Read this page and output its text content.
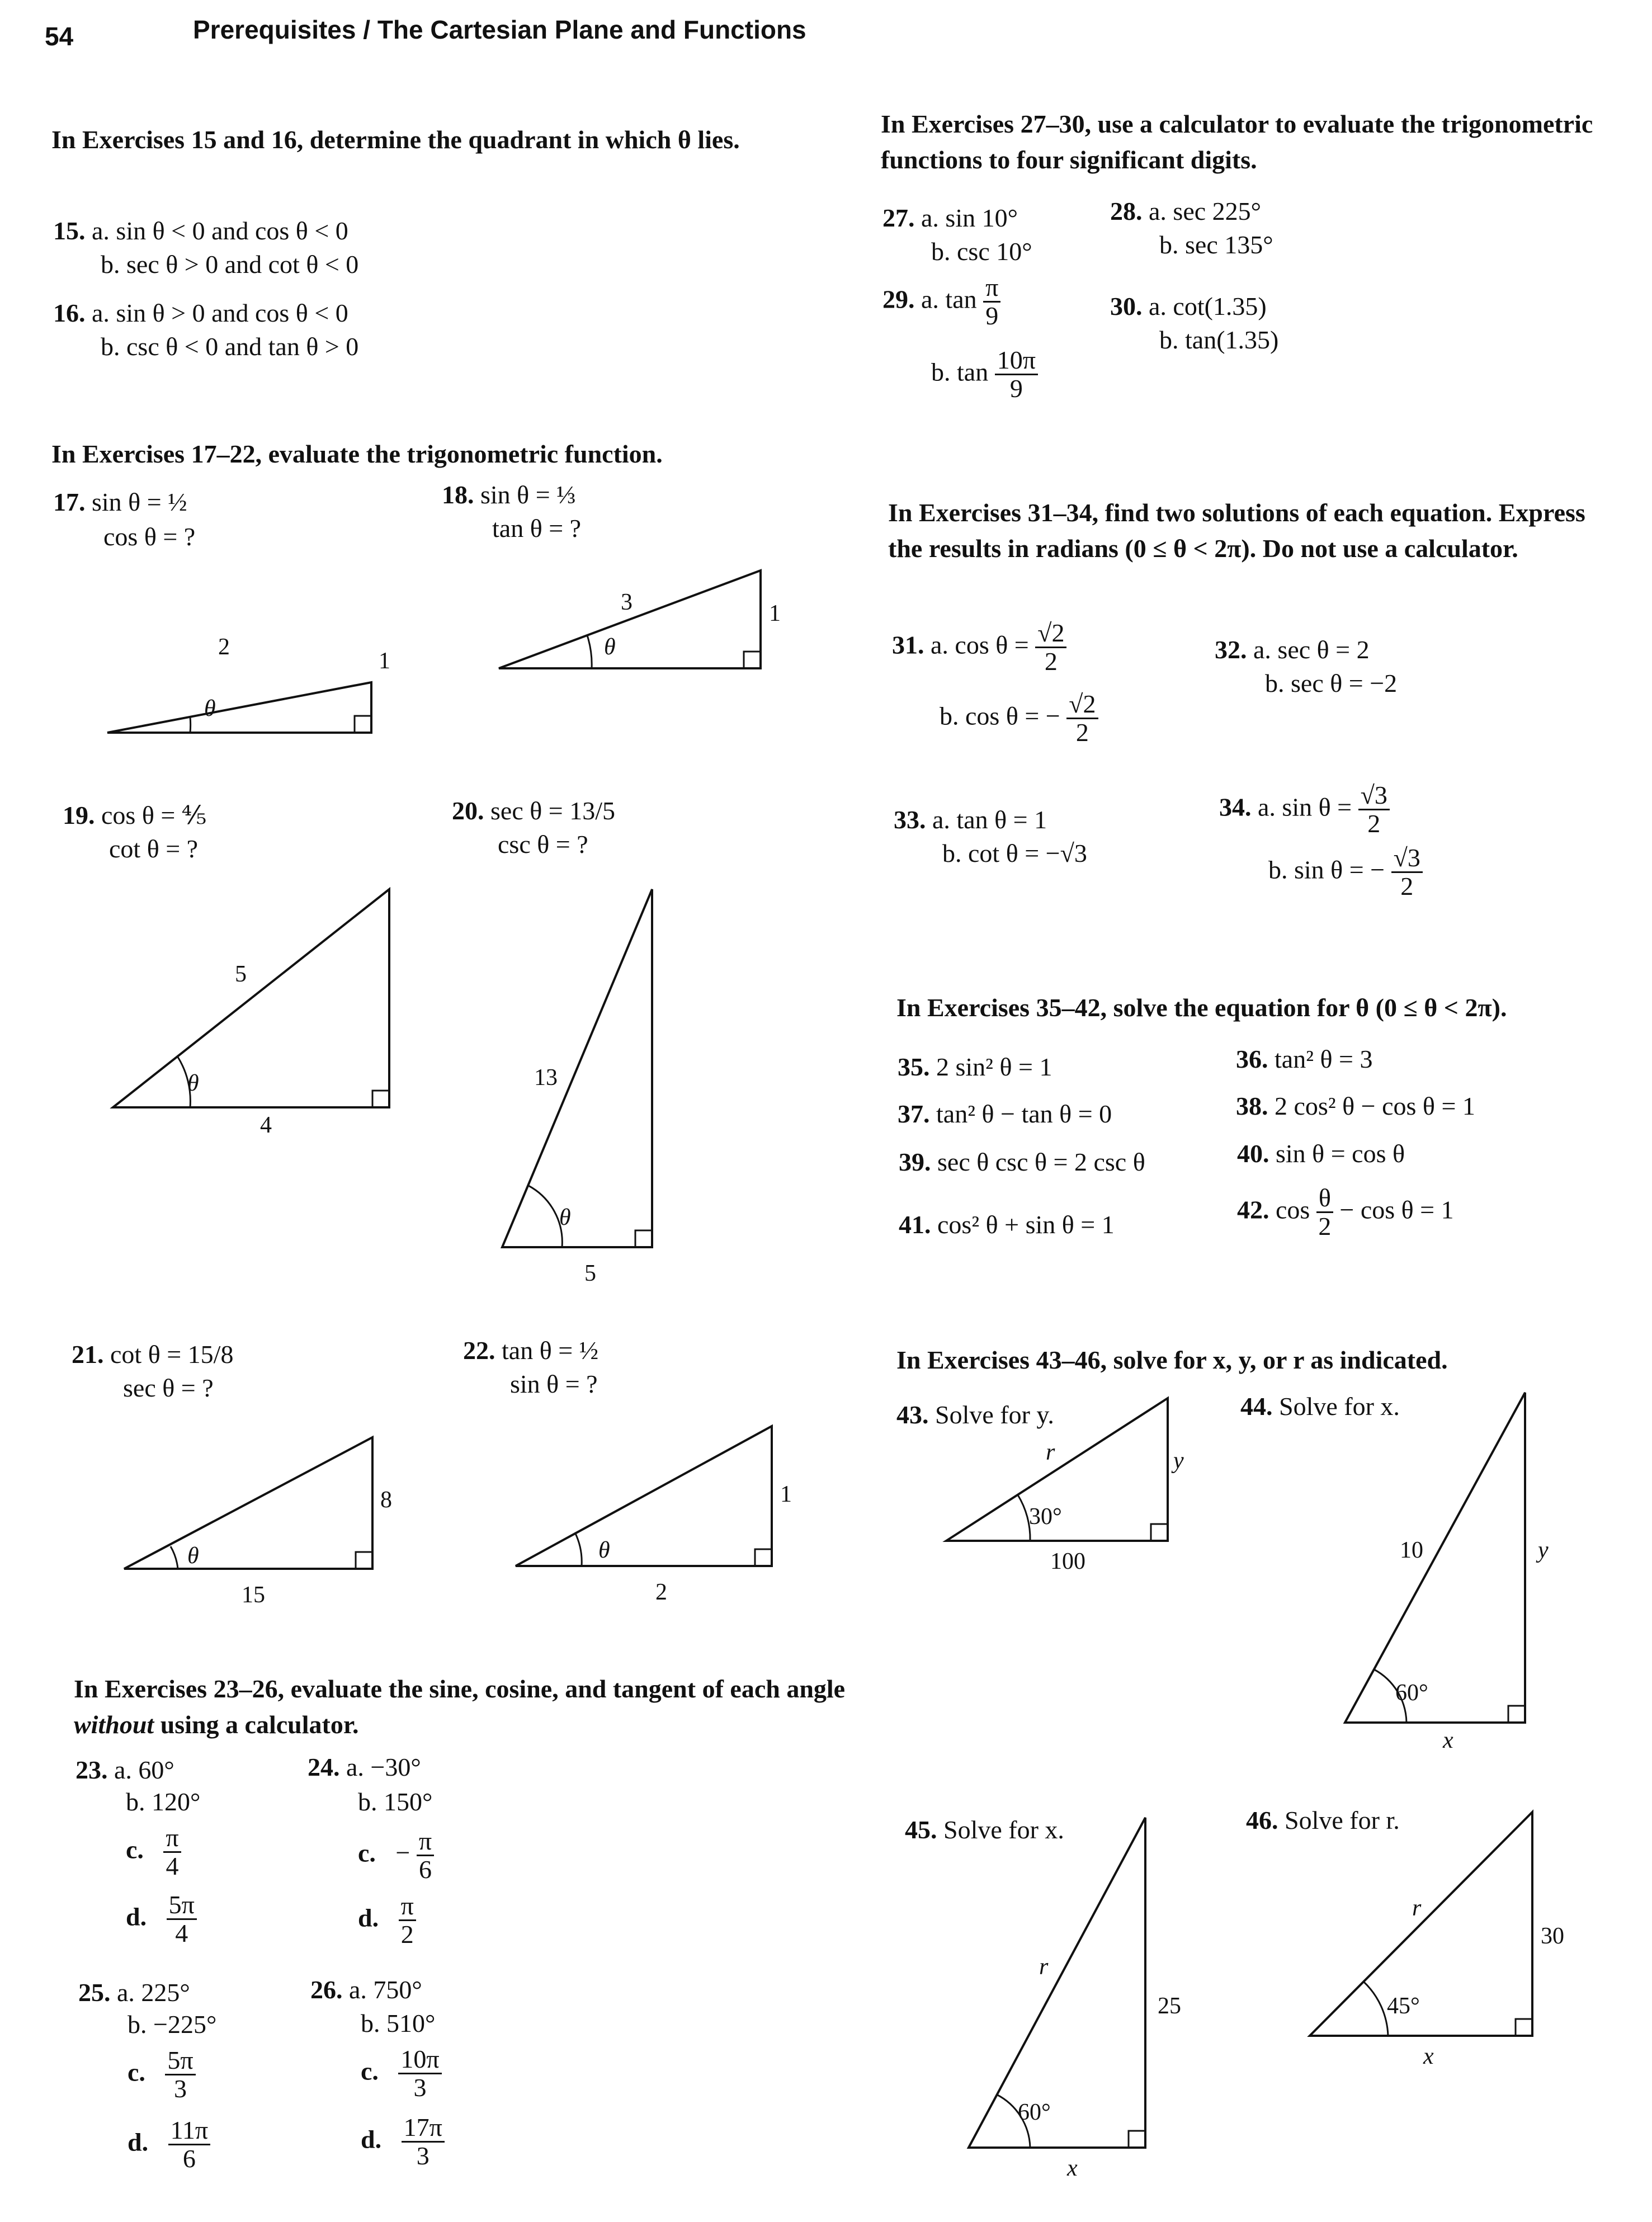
54	Prerequisites / The Cartesian Plane and Functions
In Exercises 15 and 16, determine the quadrant in which θ lies.
15. a. sin θ < 0 and cos θ < 0
b. sec θ > 0 and cot θ < 0
16. a. sin θ > 0 and cos θ < 0
b. csc θ < 0 and tan θ > 0
In Exercises 17–22, evaluate the trigonometric function.
17. sin θ = ½
cos θ = ?
2
1
θ
18. sin θ = ⅓
tan θ = ?
3	1
θ
19. cos θ = ⅘
cot θ = ?
5
4
θ
20. sec θ = 13/5
csc θ = ?
13
5
θ
21. cot θ = 15/8
sec θ = ?
8
15
θ
22. tan θ = ½
sin θ = ?
1
2
θ
In Exercises 23–26, evaluate the sine, cosine, and tangent of each angle without using a calculator.
23. a. 60°
b. 120°
c. $\frac{\pi}{4}$
d. $\frac{5\pi}{4}$
24. a. −30°
b. 150°
c. − $\frac{\pi}{6}$
d. $\frac{\pi}{2}$
25. a. 225°
b. −225°
c. $\frac{5\pi}{3}$
d. $\frac{11\pi}{6}$
26. a. 750°
b. 510°
c. $\frac{10\pi}{3}$
d. $\frac{17\pi}{3}$
In Exercises 27–30, use a calculator to evaluate the trigonometric functions to four significant digits.
27. a. sin 10°
b. csc 10°
28. a. sec 225°
b. sec 135°
29. a. $\tan \frac{\pi}{9}$
b. $\tan \frac{10\pi}{9}$
30. a. cot(1.35)
b. tan(1.35)
In Exercises 31–34, find two solutions of each equation. Express the results in radians (0 ≤ θ < 2π). Do not use a calculator.
31. a. $\cos \theta = \frac{√2}{2}$
b. cos θ = − $\frac{√2}{2}$
32. a. sec θ = 2
b. sec θ = −2
33. a. tan θ = 1
b. cot θ = −√3
34. a. $\sin \theta = \frac{√3}{2}$
b. sin θ = − $\frac{√3}{2}$
In Exercises 35–42, solve the equation for θ (0 ≤ θ < 2π).
35. 2 sin² θ = 1	36. tan² θ = 3
37. tan² θ − tan θ = 0	38. 2 cos² θ − cos θ = 1
39. sec θ csc θ = 2 csc θ	40. sin θ = cos θ
41. cos² θ + sin θ = 1
42. $\cos \frac{\theta}{2} - \cos \theta = 1$
In Exercises 43–46, solve for x, y, or r as indicated.
43. Solve for y.
r	y
30°
100
44. Solve for x.
10	y
60°
x
45. Solve for x.
r
25
60°
x
46. Solve for r.
r
30
45°
x
